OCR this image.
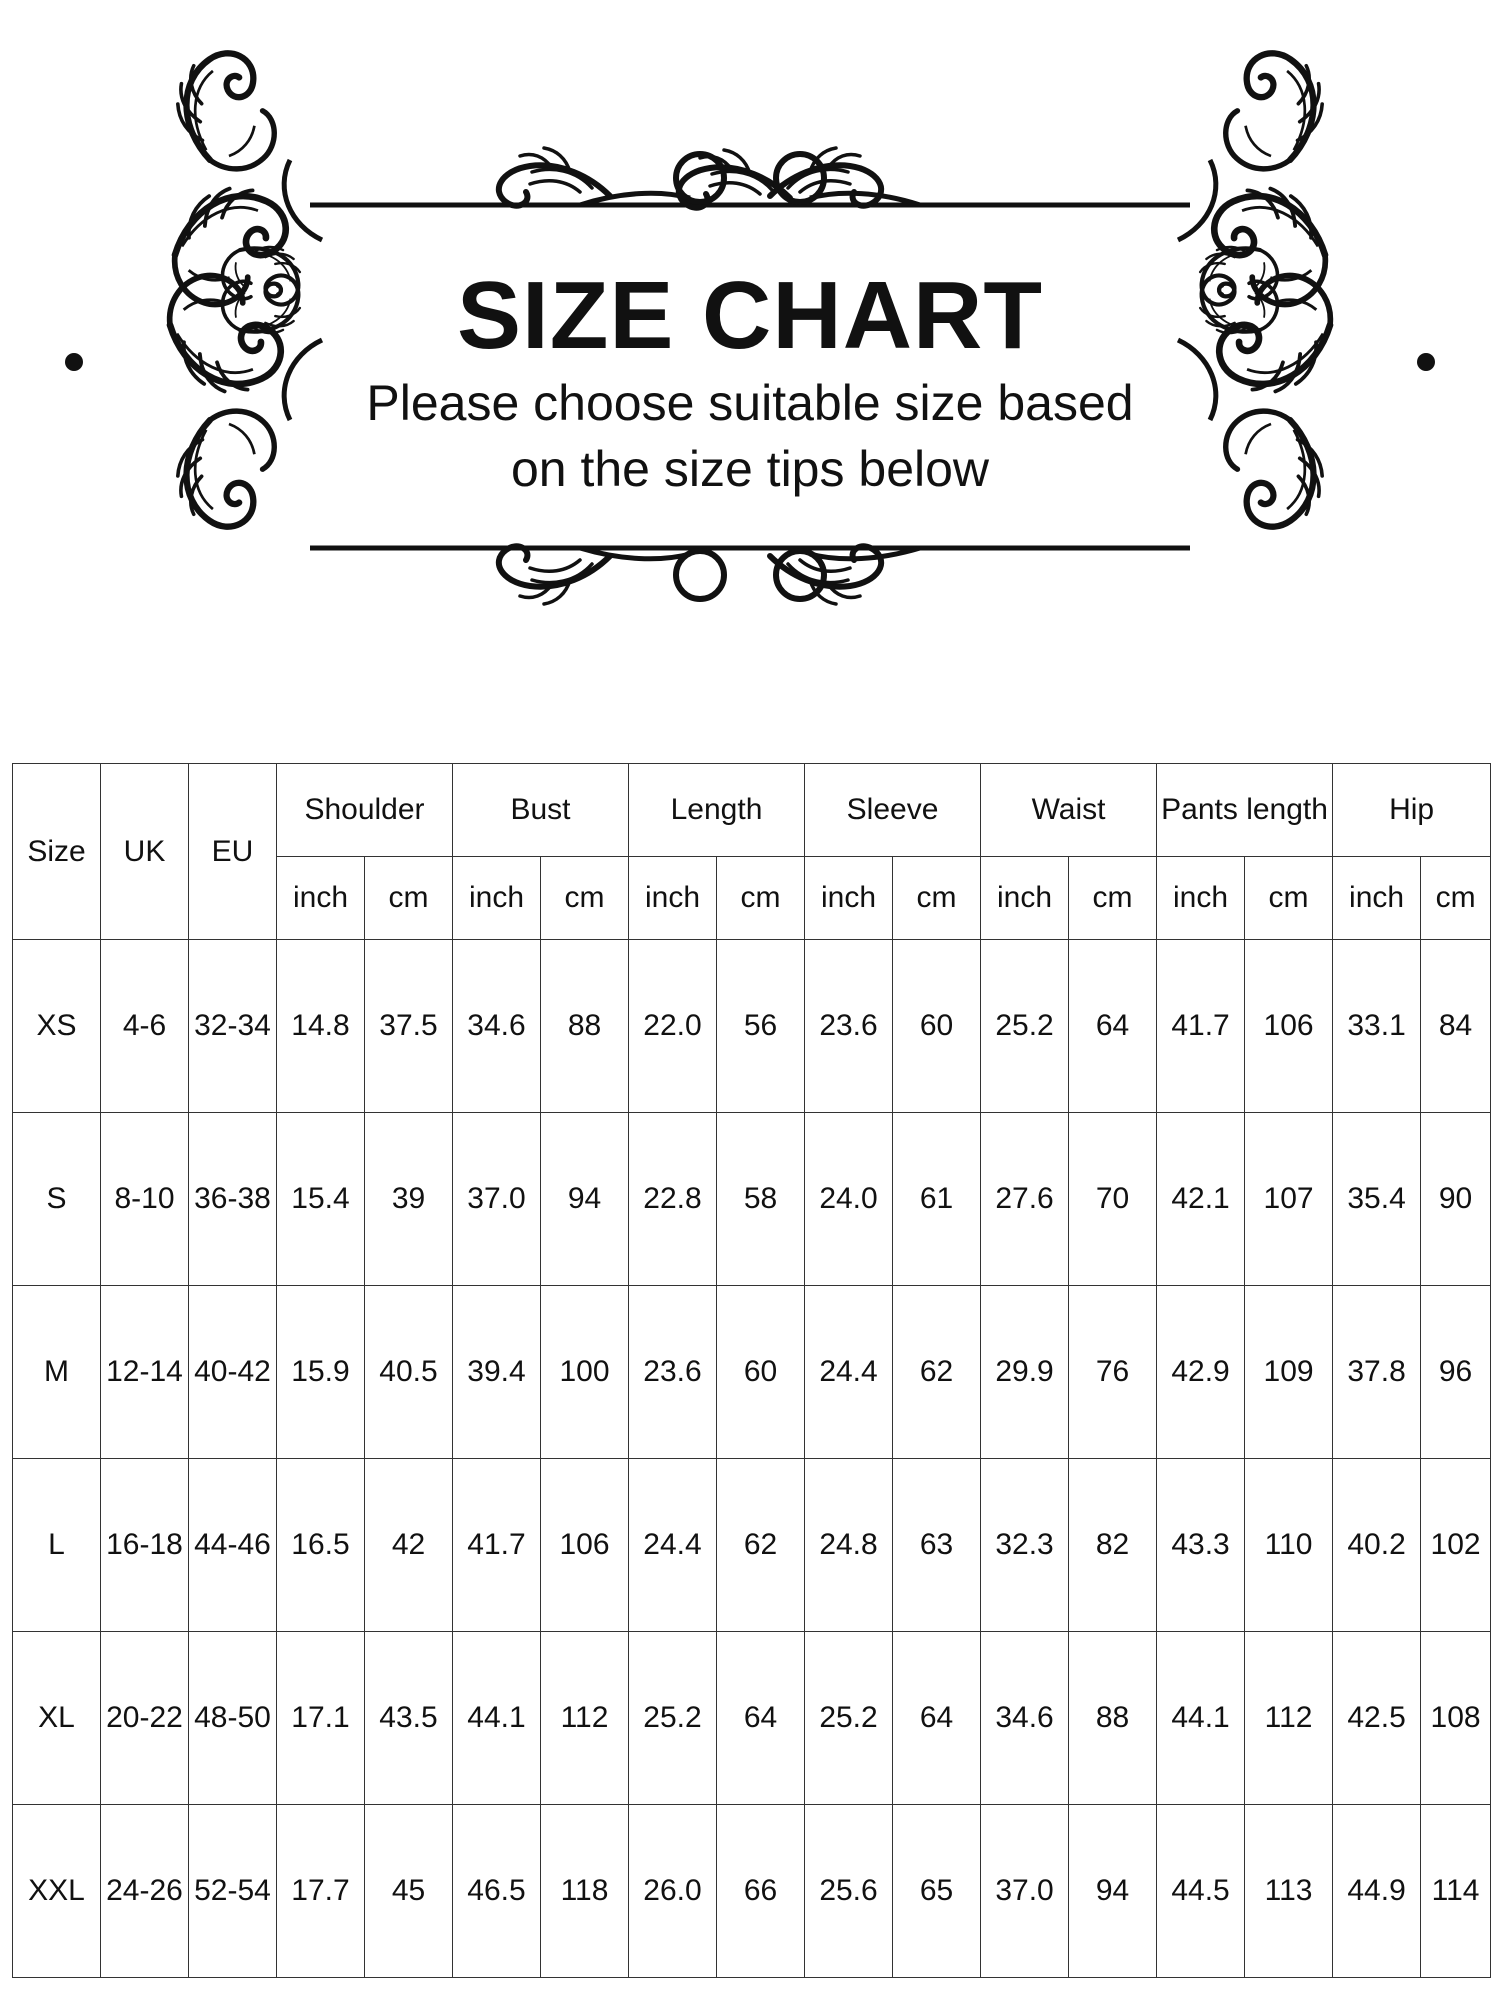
SIZE CHART
Please choose suitable size based
on the size tips below
Size	UK	EU	Shoulder		Bust		Length		Sleeve		Waist		Pants length		Hip	
			inch	cm	inch	cm	inch	cm	inch	cm	inch	cm	inch	cm	inch	cm
XS	4-6	32-34	14.8	37.5	34.6	88	22.0	56	23.6	60	25.2	64	41.7	106	33.1	84
S	8-10	36-38	15.4	39	37.0	94	22.8	58	24.0	61	27.6	70	42.1	107	35.4	90
M	12-14	40-42	15.9	40.5	39.4	100	23.6	60	24.4	62	29.9	76	42.9	109	37.8	96
L	16-18	44-46	16.5	42	41.7	106	24.4	62	24.8	63	32.3	82	43.3	110	40.2	102
XL	20-22	48-50	17.1	43.5	44.1	112	25.2	64	25.2	64	34.6	88	44.1	112	42.5	108
XXL	24-26	52-54	17.7	45	46.5	118	26.0	66	25.6	65	37.0	94	44.5	113	44.9	114
